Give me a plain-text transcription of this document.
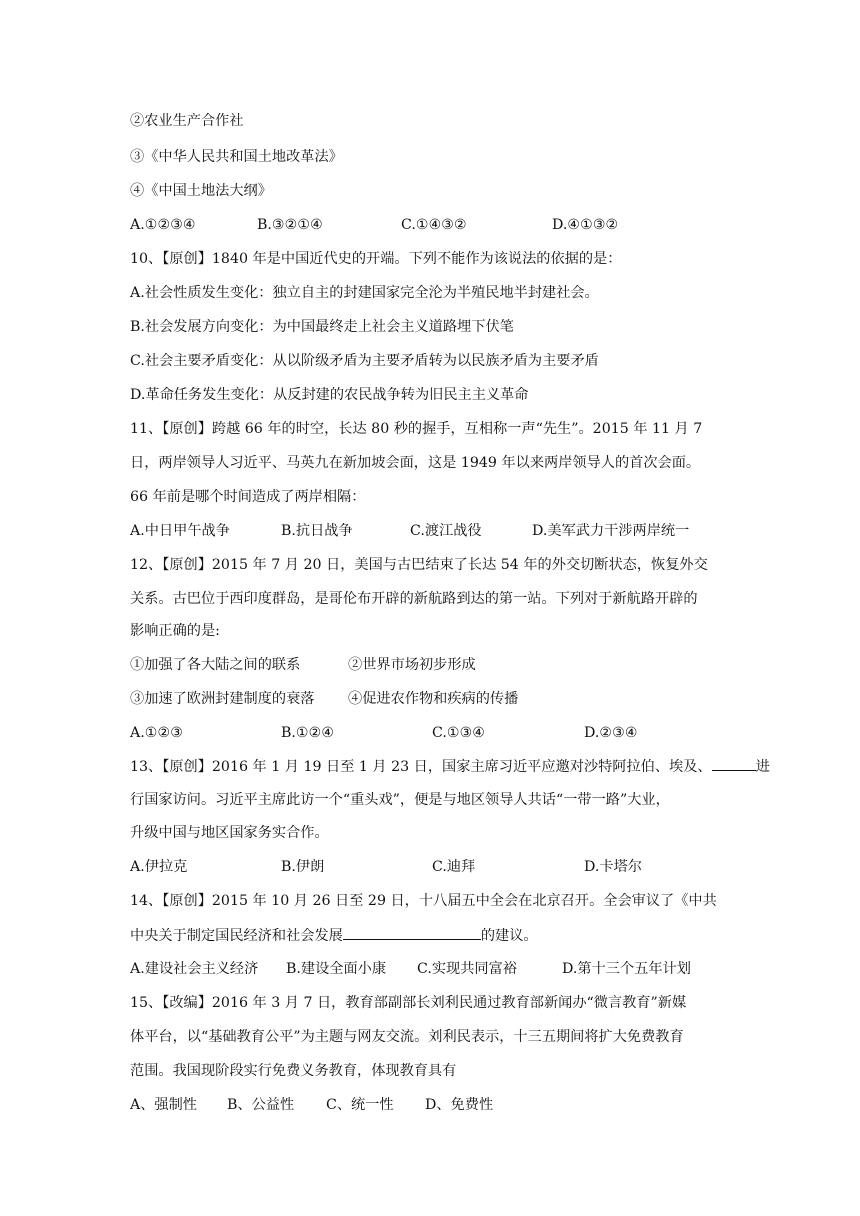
②农业生产合作社
③《中华人民共和国土地改革法》
④《中国土地法大纲》
A.①②③④	B.③②①④	C.①④③②	D.④①③②
10、【原创】1840 年是中国近代史的开端。下列不能作为该说法的依据的是：
A.社会性质发生变化：独立自主的封建国家完全沦为半殖民地半封建社会。
B.社会发展方向变化：为中国最终走上社会主义道路埋下伏笔
C.社会主要矛盾变化：从以阶级矛盾为主要矛盾转为以民族矛盾为主要矛盾
D.革命任务发生变化：从反封建的农民战争转为旧民主主义革命
11、【原创】跨越 66 年的时空，长达 80 秒的握手，互相称一声“先生”。2015 年 11 月 7
日，两岸领导人习近平、马英九在新加坡会面，这是 1949 年以来两岸领导人的首次会面。
66 年前是哪个时间造成了两岸相隔：
A.中日甲午战争	B.抗日战争	C.渡江战役	D.美军武力干涉两岸统一
12、【原创】2015 年 7 月 20 日，美国与古巴结束了长达 54 年的外交切断状态，恢复外交
关系。古巴位于西印度群岛，是哥伦布开辟的新航路到达的第一站。下列对于新航路开辟的
影响正确的是:
①加强了各大陆之间的联系	②世界市场初步形成
③加速了欧洲封建制度的衰落 ④促进农作物和疾病的传播
A.①②③	B.①②④	C.①③④	D.②③④
13、【原创】2016 年 1 月 19 日至 1 月 23 日，国家主席习近平应邀对沙特阿拉伯、埃及、	进
行国家访问。习近平主席此访一个“重头戏”，便是与地区领导人共话“一带一路”大业，
升级中国与地区国家务实合作。
A.伊拉克	B.伊朗	C.迪拜	D.卡塔尔
14、【原创】2015 年 10 月 26 日至 29 日，十八届五中全会在北京召开。全会审议了《中共
中央关于制定国民经济和社会发展	的建议。
A.建设社会主义经济 B.建设全面小康 C.实现共同富裕	D.第十三个五年计划
15、【改编】2016 年 3 月 7 日，教育部副部长刘利民通过教育部新闻办“微言教育”新媒
体平台，以“基础教育公平”为主题与网友交流。刘利民表示，十三五期间将扩大免费教育
范围。我国现阶段实行免费义务教育，体现教育具有
A、强制性 B、公益性 C、统一性 D、免费性
